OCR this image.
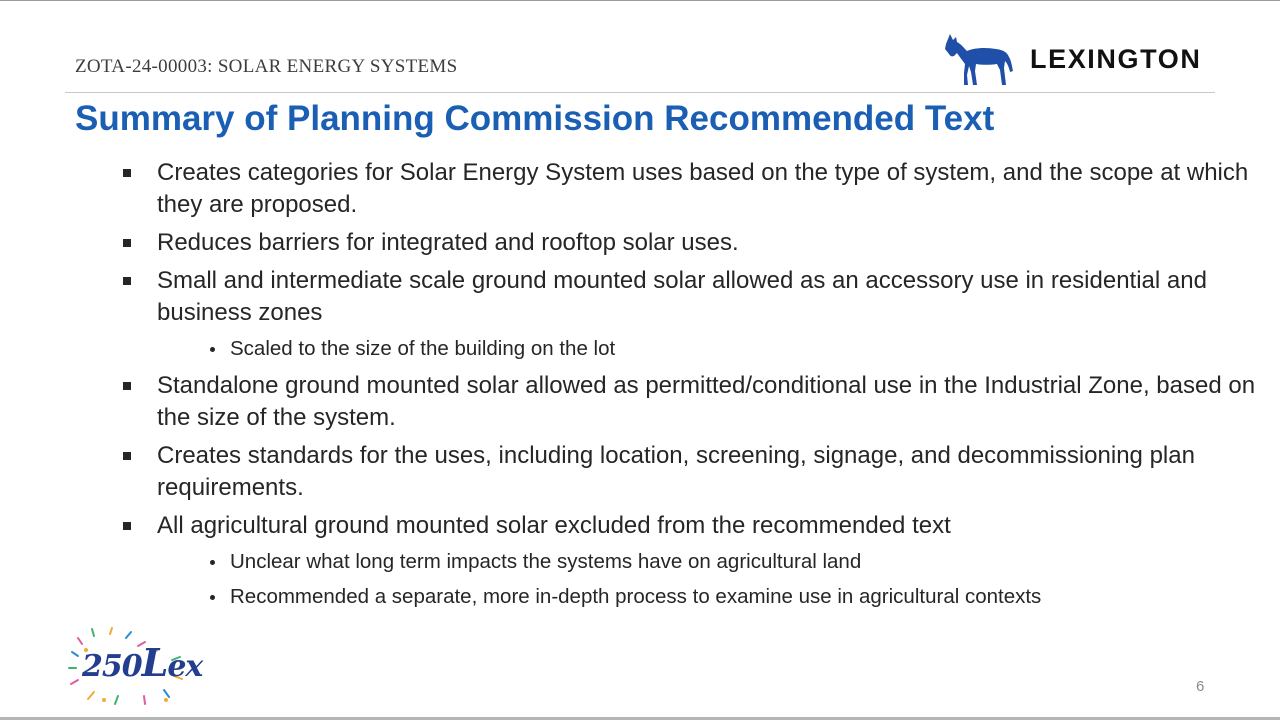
ZOTA-24-00003: SOLAR ENERGY SYSTEMS	LEXINGTON
Summary of Planning Commission Recommended Text
Creates categories for Solar Energy System uses based on the type of system, and the scope at which they are proposed.
Reduces barriers for integrated and rooftop solar uses.
Small and intermediate scale ground mounted solar allowed as an accessory use in residential and business zones
Scaled to the size of the building on the lot
Standalone ground mounted solar allowed as permitted/conditional use in the Industrial Zone, based on the size of the system.
Creates standards for the uses, including location, screening, signage, and decommissioning plan requirements.
All agricultural ground mounted solar excluded from the recommended text
Unclear what long term impacts the systems have on agricultural land
Recommended a separate, more in-depth process to examine use in agricultural contexts
250Lex
6
